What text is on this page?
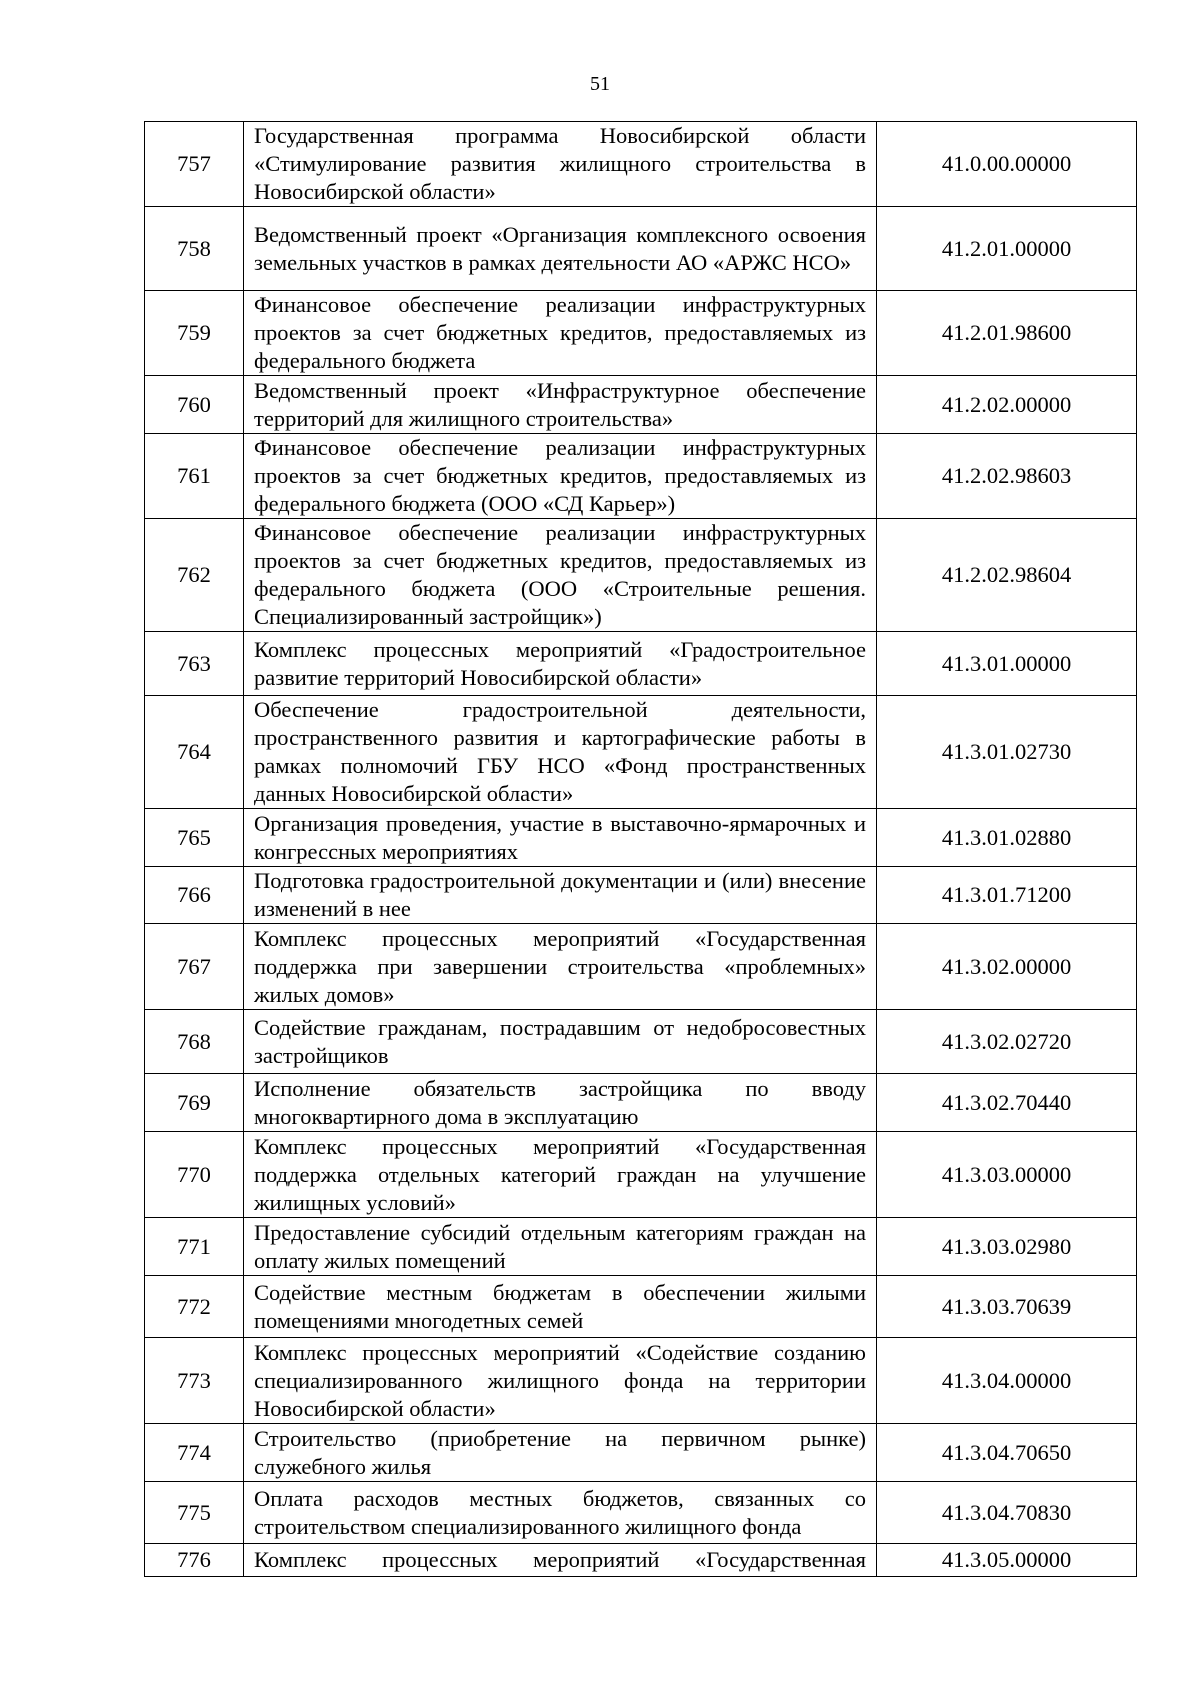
51
757	Государственная программа Новосибирской области «Стимулирование развития жилищного строительства в Новосибирской области»	41.0.00.00000
758	Ведомственный проект «Организация комплексного освоения земельных участков в рамках деятельности АО «АРЖС НСО»	41.2.01.00000
759	Финансовое обеспечение реализации инфраструктурных проектов за счет бюджетных кредитов, предоставляемых из федерального бюджета	41.2.01.98600
760	Ведомственный проект «Инфраструктурное обеспечение территорий для жилищного строительства»	41.2.02.00000
761	Финансовое обеспечение реализации инфраструктурных проектов за счет бюджетных кредитов, предоставляемых из федерального бюджета (ООО «СД Карьер»)	41.2.02.98603
762	Финансовое обеспечение реализации инфраструктурных проектов за счет бюджетных кредитов, предоставляемых из федерального бюджета (ООО «Строительные решения. Специализированный застройщик»)	41.2.02.98604
763	Комплекс процессных мероприятий «Градостроительное развитие территорий Новосибирской области»	41.3.01.00000
764	Обеспечение градостроительной деятельности, пространственного развития и картографические работы в рамках полномочий ГБУ НСО «Фонд пространственных данных Новосибирской области»	41.3.01.02730
765	Организация проведения, участие в выставочно-ярмарочных и конгрессных мероприятиях	41.3.01.02880
766	Подготовка градостроительной документации и (или) внесение изменений в нее	41.3.01.71200
767	Комплекс процессных мероприятий «Государственная поддержка при завершении строительства «проблемных» жилых домов»	41.3.02.00000
768	Содействие гражданам, пострадавшим от недобросовестных застройщиков	41.3.02.02720
769	Исполнение обязательств застройщика по вводу многоквартирного дома в эксплуатацию	41.3.02.70440
770	Комплекс процессных мероприятий «Государственная поддержка отдельных категорий граждан на улучшение жилищных условий»	41.3.03.00000
771	Предоставление субсидий отдельным категориям граждан на оплату жилых помещений	41.3.03.02980
772	Содействие местным бюджетам в обеспечении жилыми помещениями многодетных семей	41.3.03.70639
773	Комплекс процессных мероприятий «Содействие созданию специализированного жилищного фонда на территории Новосибирской области»	41.3.04.00000
774	Строительство (приобретение на первичном рынке) служебного жилья	41.3.04.70650
775	Оплата расходов местных бюджетов, связанных со строительством специализированного жилищного фонда	41.3.04.70830
776	Комплекс процессных мероприятий «Государственная	41.3.05.00000
